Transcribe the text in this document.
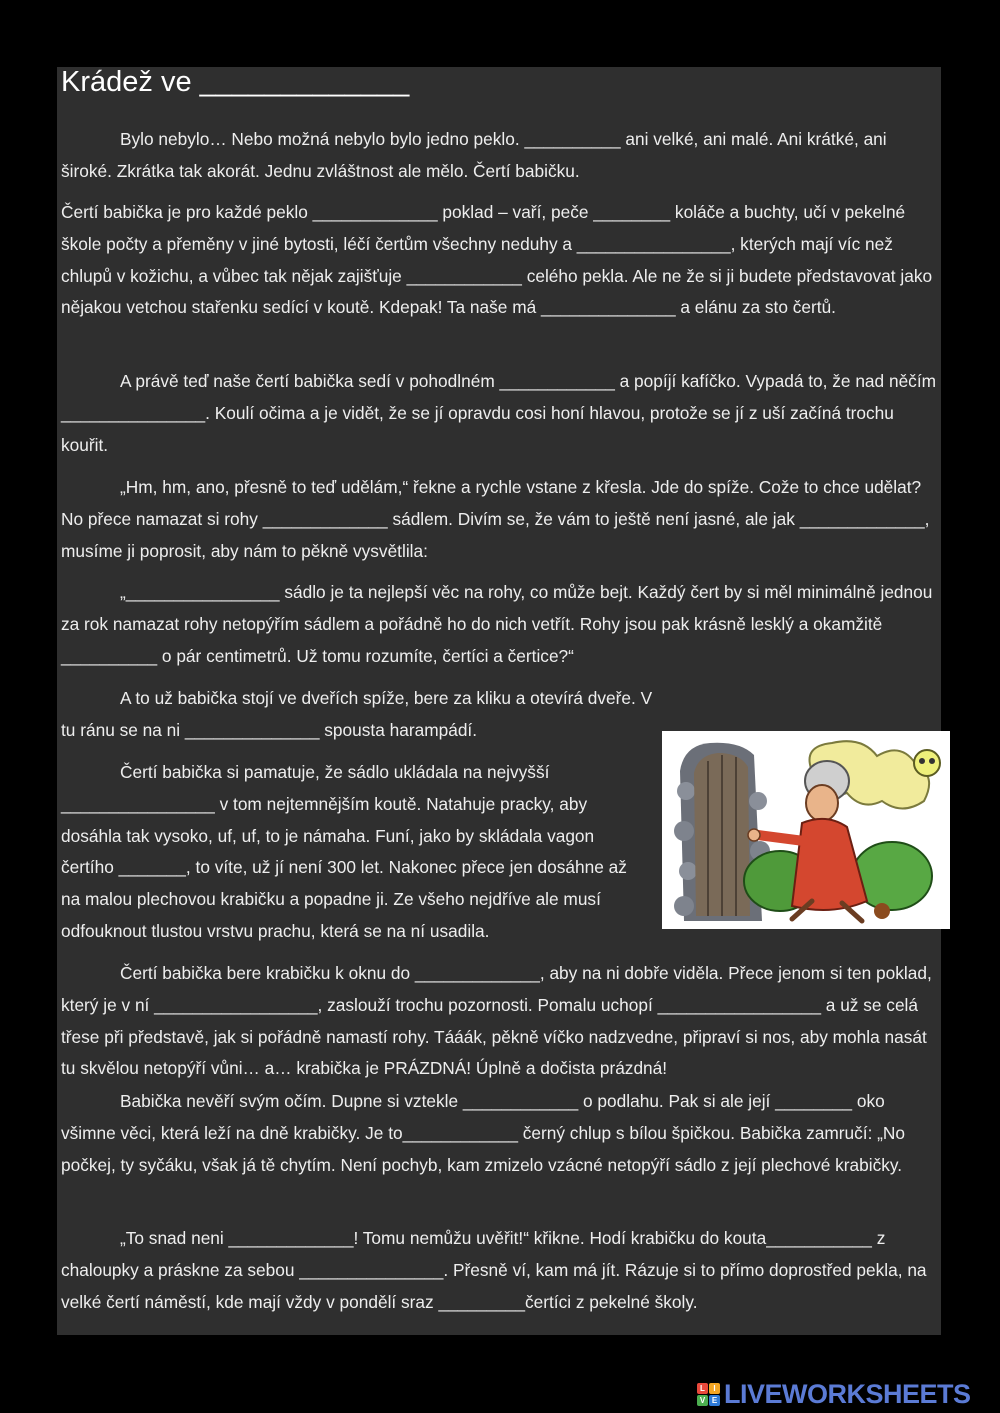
Krádež ve _____________

Bylo nebylo… Nebo možná nebylo bylo jedno peklo. __________ ani velké, ani malé. Ani krátké, ani široké. Zkrátka tak akorát. Jednu zvláštnost ale mělo. Čertí babičku.

Čertí babička je pro každé peklo _____________ poklad – vaří, peče ________ koláče a buchty, učí v pekelné škole počty a přeměny v jiné bytosti, léčí čertům všechny neduhy a ________________, kterých mají víc než chlupů v kožichu, a vůbec tak nějak zajišťuje ____________ celého pekla. Ale ne že si ji budete představovat jako nějakou vetchou stařenku sedící v koutě. Kdepak! Ta naše má ______________ a elánu za sto čertů.

A právě teď naše čertí babička sedí v pohodlném ____________ a popíjí kafíčko. Vypadá to, že nad něčím _______________. Koulí očima a je vidět, že se jí opravdu cosi honí hlavou, protože se jí z uší začíná trochu kouřit.

„Hm, hm, ano, přesně to teď udělám,“ řekne a rychle vstane z křesla. Jde do spíže. Cože to chce udělat? No přece namazat si rohy _____________ sádlem. Divím se, že vám to ještě není jasné, ale jak _____________, musíme ji poprosit, aby nám to pěkně vysvětlila:

„________________ sádlo je ta nejlepší věc na rohy, co může bejt. Každý čert by si měl minimálně jednou za rok namazat rohy netopýřím sádlem a pořádně ho do nich vetřít. Rohy jsou pak krásně lesklý a okamžitě __________ o pár centimetrů. Už tomu rozumíte, čertíci a čertice?“

A to už babička stojí ve dveřích spíže, bere za kliku a otevírá dveře. V tu ránu se na ni ______________ spousta harampádí.

Čertí babička si pamatuje, že sádlo ukládala na nejvyšší ________________ v tom nejtemnějším koutě. Natahuje pracky, aby dosáhla tak vysoko, uf, uf, to je námaha. Funí, jako by skládala vagon čertího _______, to víte, už jí není 300 let. Nakonec přece jen dosáhne až na malou plechovou krabičku a popadne ji. Ze všeho nejdříve ale musí odfouknout tlustou vrstvu prachu, která se na ní usadila.

Čertí babička bere krabičku k oknu do _____________, aby na ni dobře viděla. Přece jenom si ten poklad, který je v ní _________________, zaslouží trochu pozornosti. Pomalu uchopí _________________ a už se celá třese při představě, jak si pořádně namastí rohy. Tááák, pěkně víčko nadzvedne, připraví si nos, aby mohla nasát tu skvělou netopýří vůni… a… krabička je PRÁZDNÁ! Úplně a dočista prázdná!

Babička nevěří svým očím. Dupne si vztekle ____________ o podlahu. Pak si ale její ________ oko všimne věci, která leží na dně krabičky. Je to____________ černý chlup s bílou špičkou. Babička zamručí: „No počkej, ty syčáku, však já tě chytím. Není pochyb, kam zmizelo vzácné netopýří sádlo z její plechové krabičky.

„To snad neni _____________! Tomu nemůžu uvěřit!“ křikne. Hodí krabičku do kouta___________ z chaloupky a práskne za sebou _______________. Přesně ví, kam má jít. Rázuje si to přímo doprostřed pekla, na velké čertí náměstí, kde mají vždy v pondělí sraz _________čertíci z pekelné školy.

L	I
V E LIVEWORKSHEETS
